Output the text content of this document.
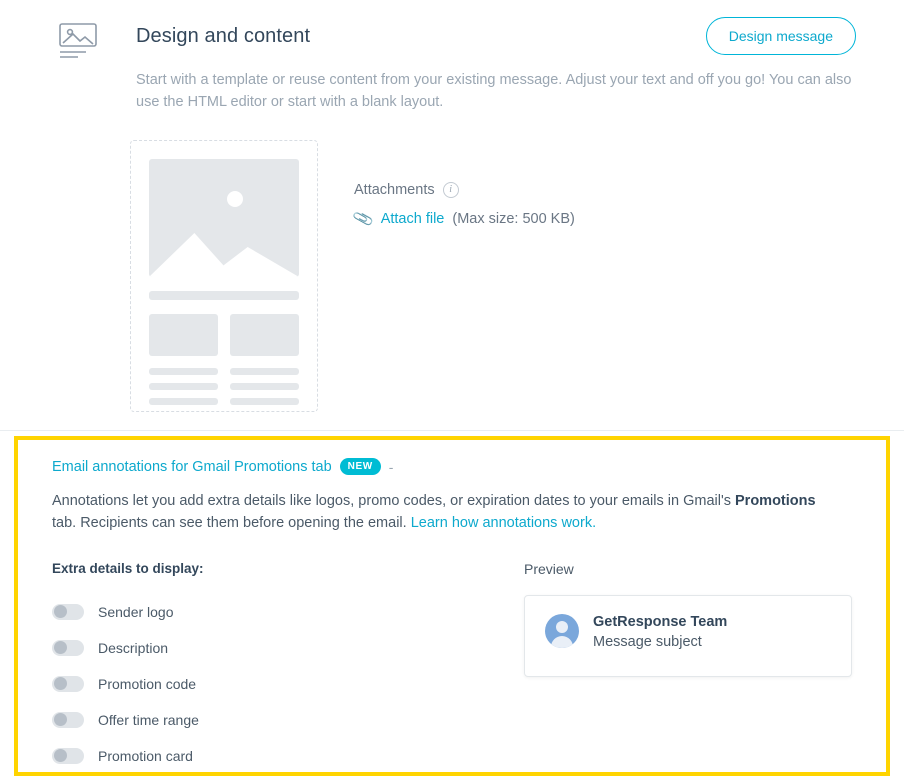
Design and content	Design message
Start with a template or reuse content from your existing message. Adjust your text and off you go! You can also use the HTML editor or start with a blank layout.
Attachments	i
📎 Attach file (Max size: 500 KB)
Email annotations for Gmail Promotions tab	NEW	-

Annotations let you add extra details like logos, promo codes, or expiration dates to your emails in Gmail's Promotions tab. Recipients can see them before opening the email. Learn how annotations work.

Extra details to display:
Sender logo
Description
Promotion code
Offer time range
Promotion card
Preview
GetResponse Team
Message subject
